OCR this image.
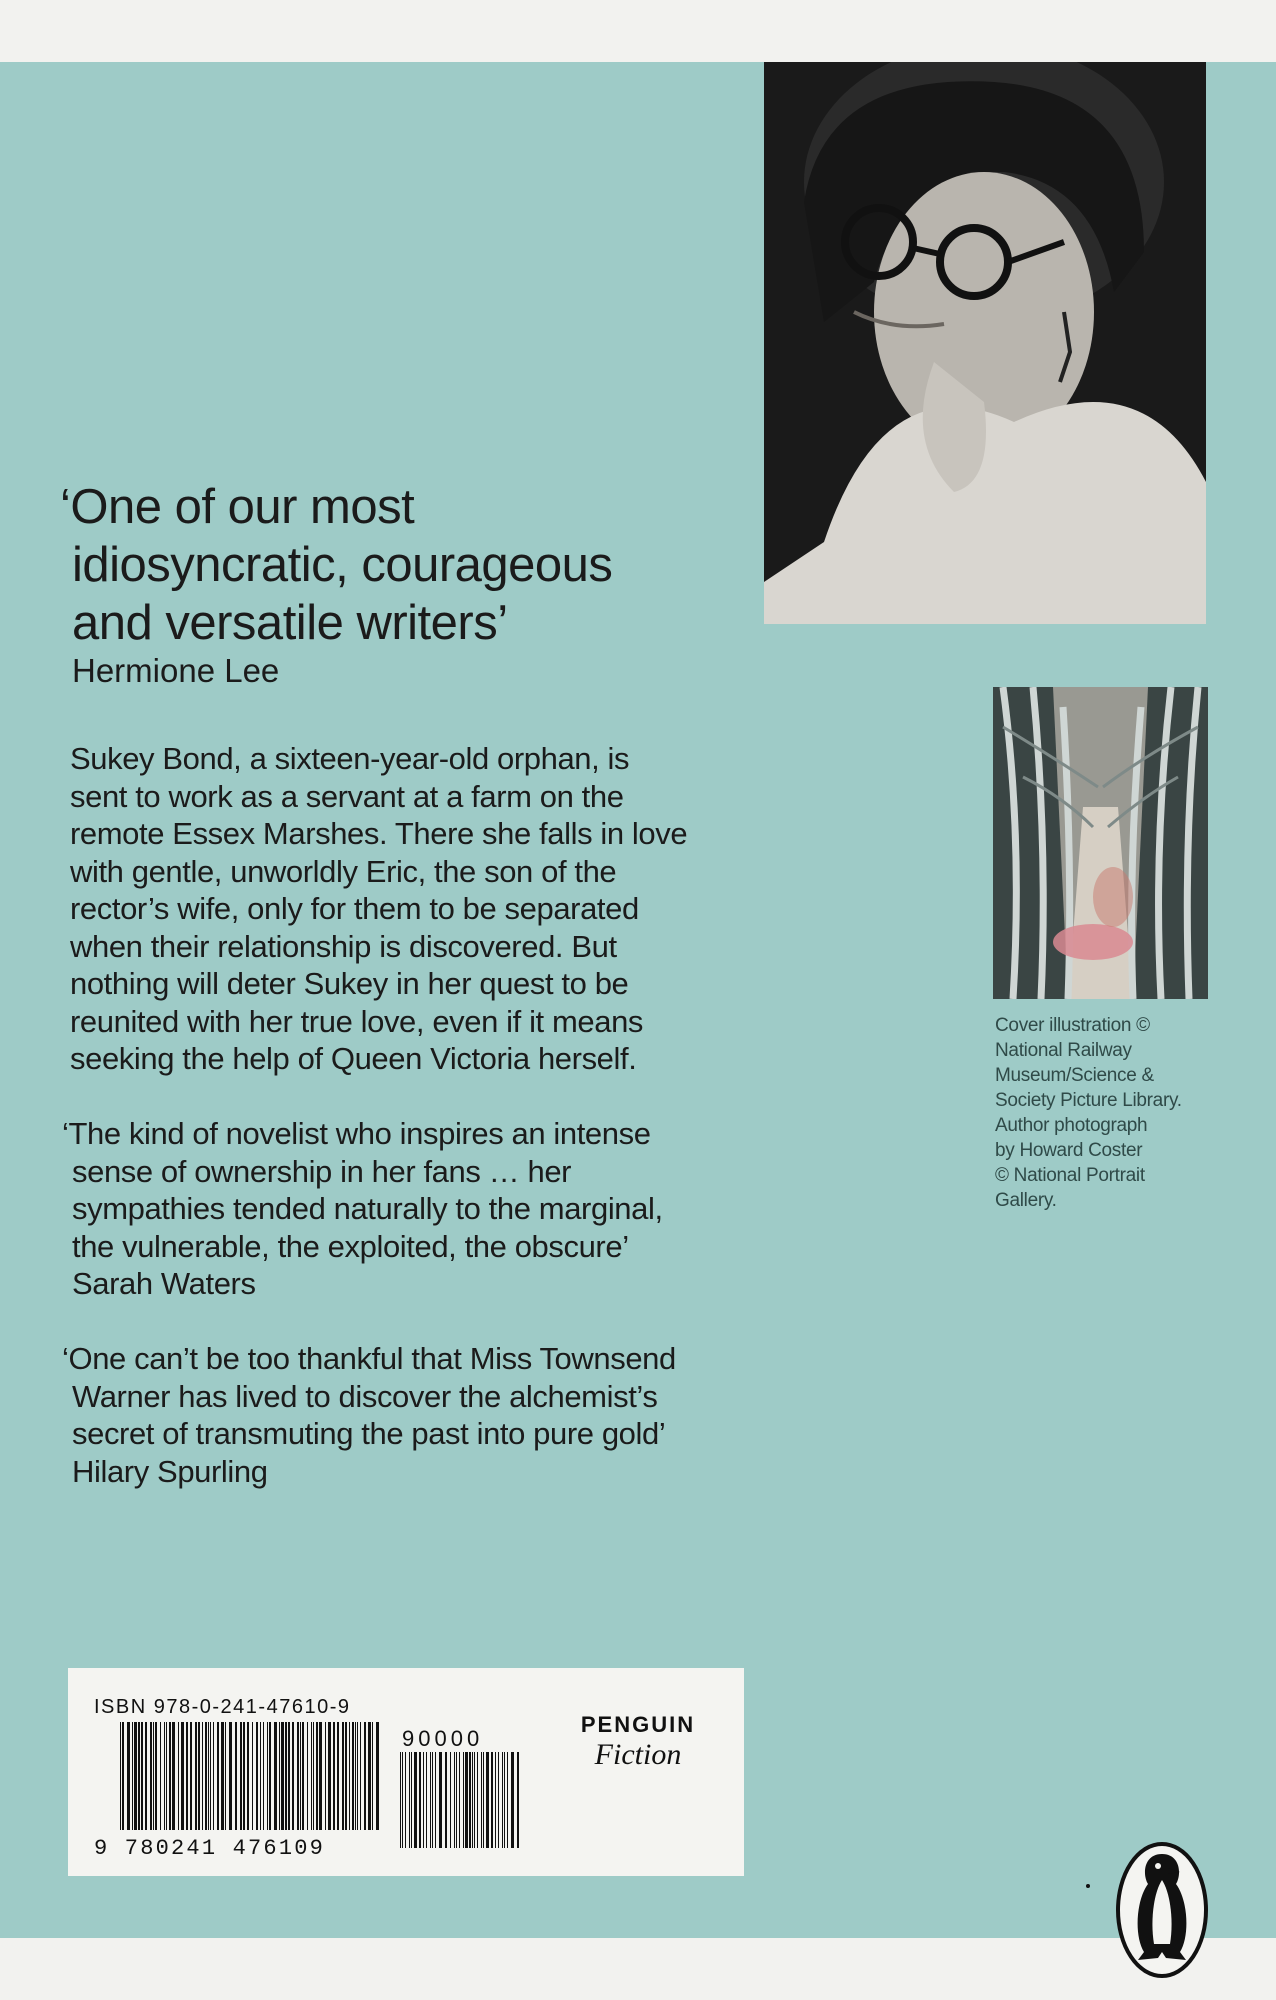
‘One of our most
idiosyncratic, courageous
and versatile writers’
Hermione Lee
Sukey Bond, a sixteen-year-old orphan, is
sent to work as a servant at a farm on the
remote Essex Marshes. There she falls in love
with gentle, unworldly Eric, the son of the
rector’s wife, only for them to be separated
when their relationship is discovered. But
nothing will deter Sukey in her quest to be
reunited with her true love, even if it means
seeking the help of Queen Victoria herself.
‘The kind of novelist who inspires an intense
sense of ownership in her fans … her
sympathies tended naturally to the marginal,
the vulnerable, the exploited, the obscure’
Sarah Waters
‘One can’t be too thankful that Miss Townsend
Warner has lived to discover the alchemist’s
secret of transmuting the past into pure gold’
Hilary Spurling
Cover illustration ©
National Railway
Museum/Science &
Society Picture Library.
Author photograph
by Howard Coster
© National Portrait
Gallery.
ISBN 978-0-241-47610-9
90000
9 780241 476109
PENGUIN
Fiction
